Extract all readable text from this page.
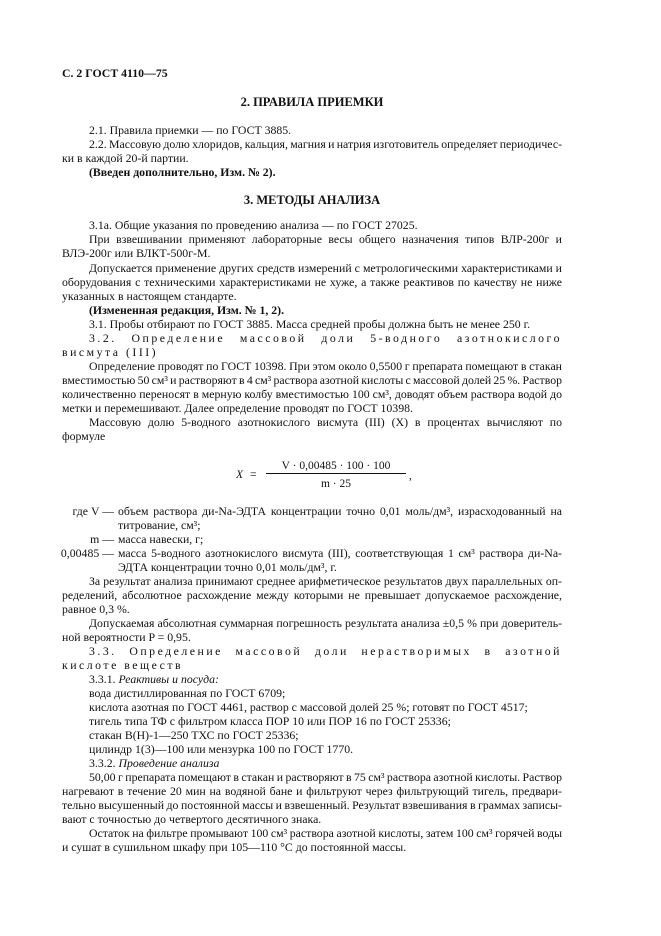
С. 2 ГОСТ 4110—75
2. ПРАВИЛА ПРИЕМКИ
2.1. Правила приемки — по ГОСТ 3885.
2.2. Массовую долю хлоридов, кальция, магния и натрия изготовитель определяет периодичес-
ки в каждой 20-й партии.
(Введен дополнительно, Изм. № 2).
3. МЕТОДЫ АНАЛИЗА
3.1а. Общие указания по проведению анализа — по ГОСТ 27025.
При взвешивании применяют лабораторные весы общего назначения типов ВЛР-200г и
ВЛЭ-200г или ВЛКТ-500г-М.
Допускается применение других средств измерений с метрологическими характеристиками и
оборудования с техническими характеристиками не хуже, а также реактивов по качеству не ниже
указанных в настоящем стандарте.
(Измененная редакция, Изм. № 1, 2).
3.1. Пробы отбирают по ГОСТ 3885. Масса средней пробы должна быть не менее 250 г.
3.2. Определение массовой доли 5-водного азотнокислого
висмута (III)
Определение проводят по ГОСТ 10398. При этом около 0,5500 г препарата помещают в стакан
вместимостью 50 см³ и растворяют в 4 см³ раствора азотной кислоты с массовой долей 25 %. Раствор
количественно переносят в мерную колбу вместимостью 100 см³, доводят объем раствора водой до
метки и перемешивают. Далее определение проводят по ГОСТ 10398.
Массовую долю 5-водного азотнокислого висмута (III) (X) в процентах вычисляют по
формуле
X =
V · 0,00485 · 100 · 100
m · 25
,
где V — объем раствора ди-Na-ЭДТА концентрации точно 0,01 моль/дм³, израсходованный на
титрование, см³;
m — масса навески, г;
0,00485 — масса 5-водного азотнокислого висмута (III), соответствующая 1 см³ раствора ди-Na-
ЭДТА концентрации точно 0,01 моль/дм³, г.
За результат анализа принимают среднее арифметическое результатов двух параллельных оп-
ределений, абсолютное расхождение между которыми не превышает допускаемое расхождение,
равное 0,3 %.
Допускаемая абсолютная суммарная погрешность результата анализа ±0,5 % при доверитель-
ной вероятности P = 0,95.
3.3. Определение массовой доли нерастворимых в азотной
кислоте веществ
3.3.1. Реактивы и посуда:
вода дистиллированная по ГОСТ 6709;
кислота азотная по ГОСТ 4461, раствор с массовой долей 25 %; готовят по ГОСТ 4517;
тигель типа ТФ с фильтром класса ПОР 10 или ПОР 16 по ГОСТ 25336;
стакан В(Н)-1—250 ТХС по ГОСТ 25336;
цилиндр 1(3)—100 или мензурка 100 по ГОСТ 1770.
3.3.2. Проведение анализа
50,00 г препарата помещают в стакан и растворяют в 75 см³ раствора азотной кислоты. Раствор
нагревают в течение 20 мин на водяной бане и фильтруют через фильтрующий тигель, предвари-
тельно высушенный до постоянной массы и взвешенный. Результат взвешивания в граммах записы-
вают с точностью до четвертого десятичного знака.
Остаток на фильтре промывают 100 см³ раствора азотной кислоты, затем 100 см³ горячей воды
и сушат в сушильном шкафу при 105—110 °С до постоянной массы.
